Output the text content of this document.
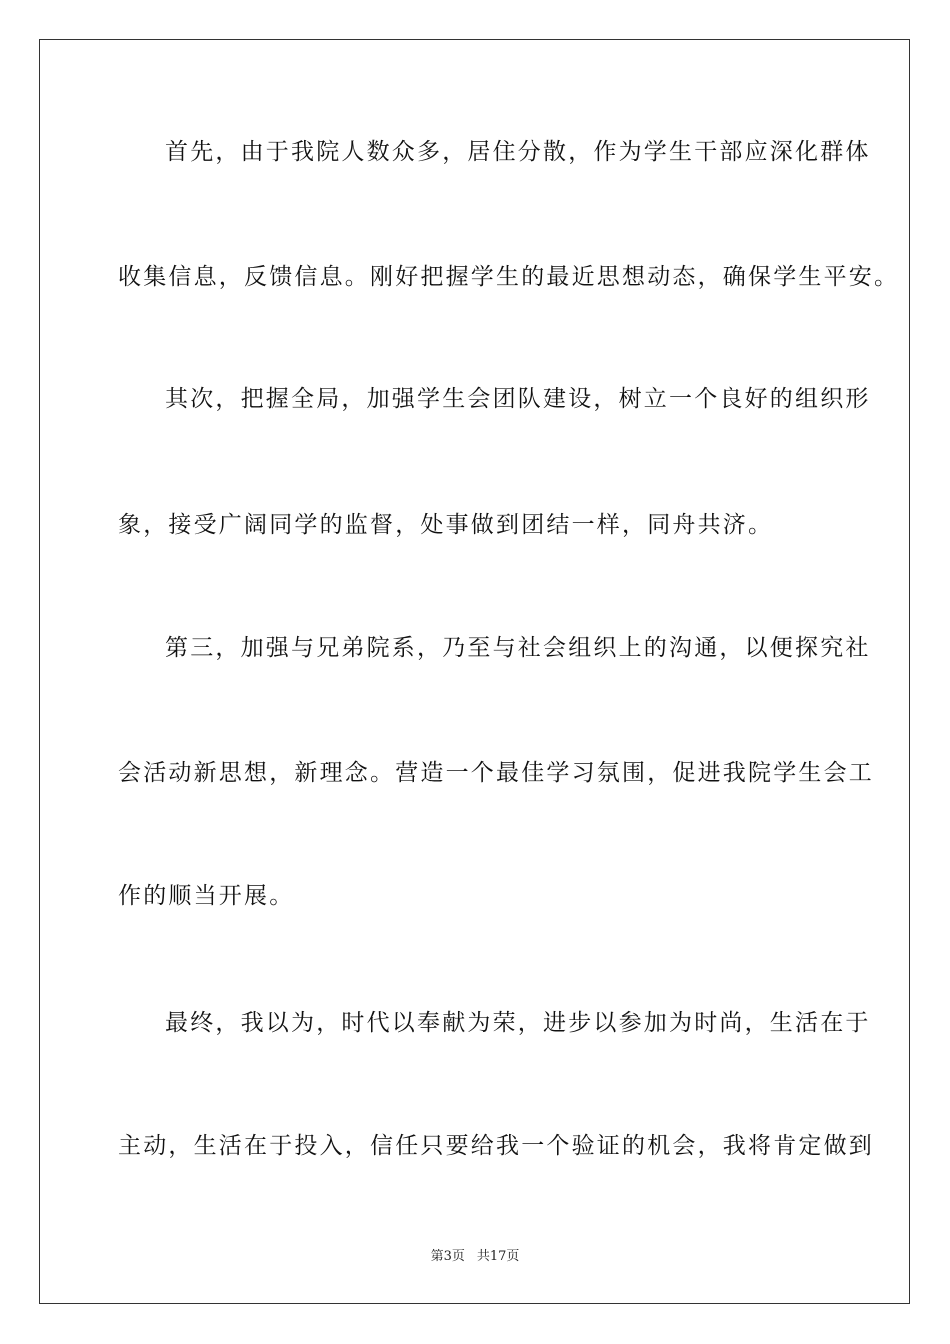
首先，由于我院人数众多，居住分散，作为学生干部应深化群体
收集信息，反馈信息。刚好把握学生的最近思想动态，确保学生平安。
其次，把握全局，加强学生会团队建设，树立一个良好的组织形
象，接受广阔同学的监督，处事做到团结一样，同舟共济。
第三，加强与兄弟院系，乃至与社会组织上的沟通，以便探究社
会活动新思想，新理念。营造一个最佳学习氛围，促进我院学生会工
作的顺当开展。
最终，我以为，时代以奉献为荣，进步以参加为时尚，生活在于
主动，生活在于投入，信任只要给我一个验证的机会，我将肯定做到
第3页 共17页
